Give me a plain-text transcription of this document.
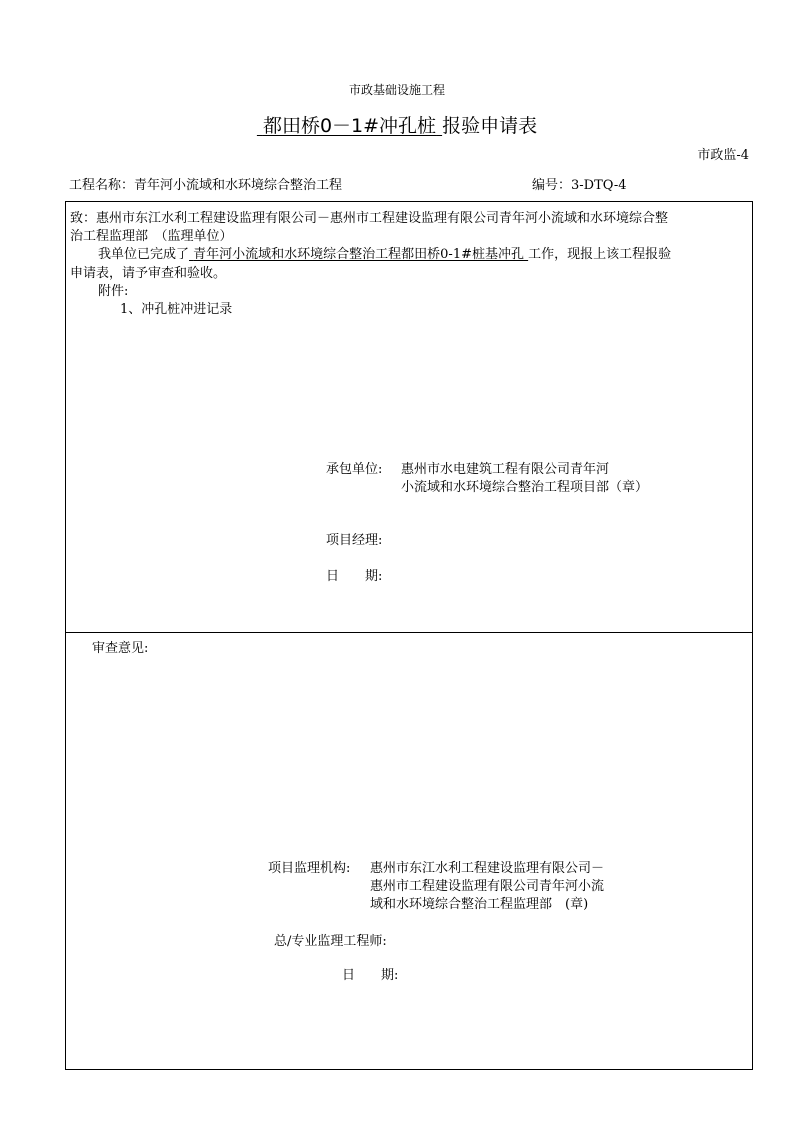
市政基础设施工程
都田桥0－1#冲孔桩 报验申请表
市政监-4
工程名称：青年河小流域和水环境综合整治工程	编号：3-DTQ-4
致：惠州市东江水利工程建设监理有限公司－惠州市工程建设监理有限公司青年河小流域和水环境综合整
治工程监理部　（监理单位）
我单位已完成了 青年河小流域和水环境综合整治工程都田桥0-1#桩基冲孔 工作，现报上该工程报验
申请表，请予审查和验收。
附件:
1、冲孔桩冲进记录
承包单位: 惠州市水电建筑工程有限公司青年河
小流域和水环境综合整治工程项目部（章）
项目经理:
日　　期:
审查意见:
项目监理机构: 惠州市东江水利工程建设监理有限公司－
惠州市工程建设监理有限公司青年河小流
域和水环境综合整治工程监理部　(章)
总/专业监理工程师:
日　　期:
